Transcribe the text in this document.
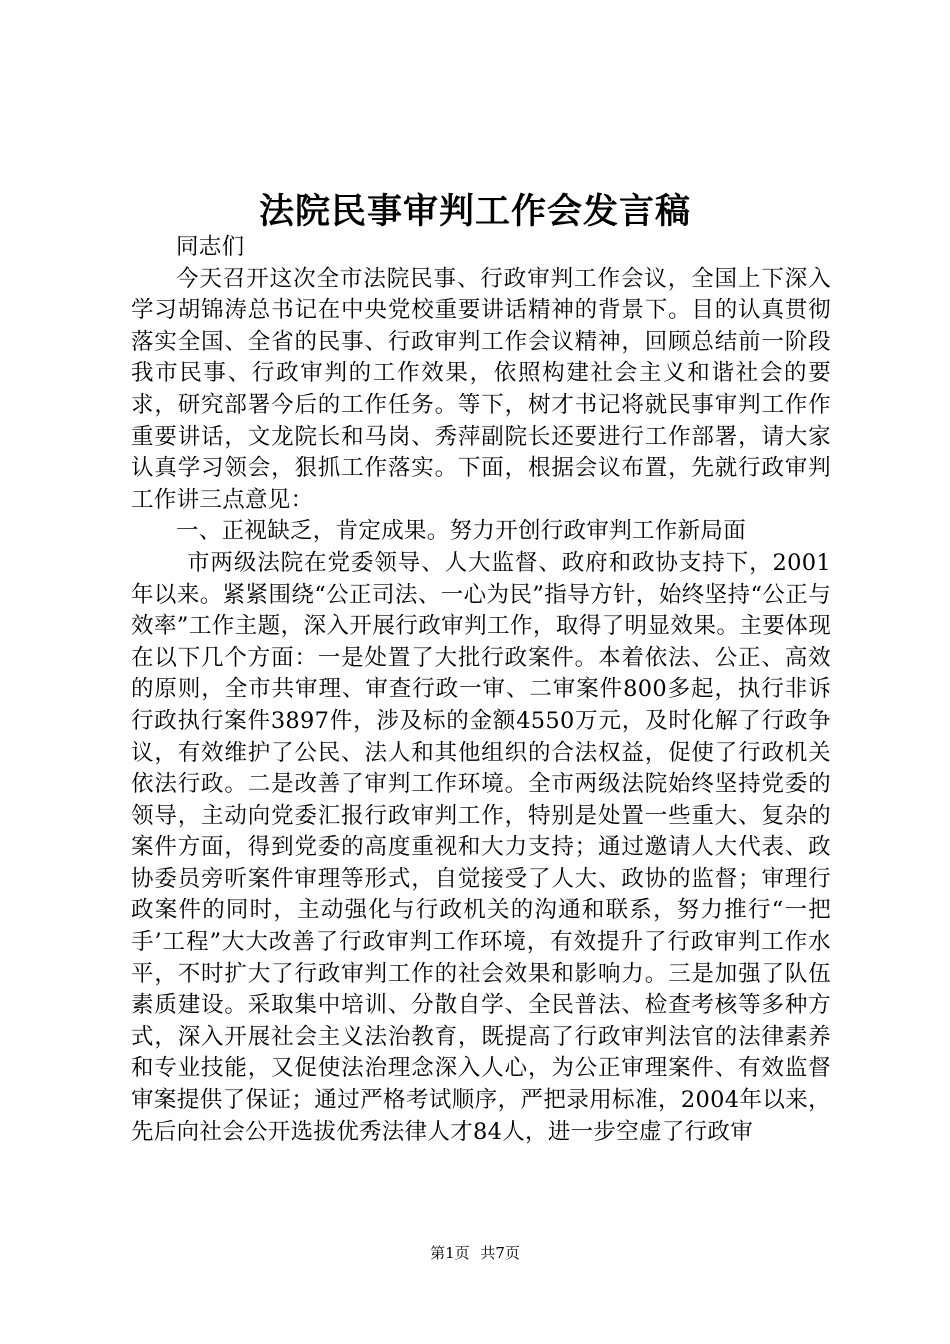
法院民事审判工作会发言稿

同志们

今天召开这次全市法院民事、行政审判工作会议，全国上下深入学习胡锦涛总书记在中央党校重要讲话精神的背景下。目的认真贯彻落实全国、全省的民事、行政审判工作会议精神，回顾总结前一阶段我市民事、行政审判的工作效果，依照构建社会主义和谐社会的要求，研究部署今后的工作任务。等下，树才书记将就民事审判工作作重要讲话，文龙院长和马岗、秀萍副院长还要进行工作部署，请大家认真学习领会，狠抓工作落实。下面，根据会议布置，先就行政审判工作讲三点意见：

一、正视缺乏，肯定成果。努力开创行政审判工作新局面

市两级法院在党委领导、人大监督、政府和政协支持下，2001年以来。紧紧围绕“公正司法、一心为民”指导方针，始终坚持“公正与效率”工作主题，深入开展行政审判工作，取得了明显效果。主要体现在以下几个方面：一是处置了大批行政案件。本着依法、公正、高效的原则，全市共审理、审查行政一审、二审案件800多起，执行非诉行政执行案件3897件，涉及标的金额4550万元，及时化解了行政争议，有效维护了公民、法人和其他组织的合法权益，促使了行政机关依法行政。二是改善了审判工作环境。全市两级法院始终坚持党委的领导，主动向党委汇报行政审判工作，特别是处置一些重大、复杂的案件方面，得到党委的高度重视和大力支持；通过邀请人大代表、政协委员旁听案件审理等形式，自觉接受了人大、政协的监督；审理行政案件的同时，主动强化与行政机关的沟通和联系，努力推行“一把手’工程”大大改善了行政审判工作环境，有效提升了行政审判工作水平，不时扩大了行政审判工作的社会效果和影响力。三是加强了队伍素质建设。采取集中培训、分散自学、全民普法、检查考核等多种方式，深入开展社会主义法治教育，既提高了行政审判法官的法律素养和专业技能，又促使法治理念深入人心，为公正审理案件、有效监督审案提供了保证；通过严格考试顺序，严把录用标准，2004年以来，先后向社会公开选拔优秀法律人才84人，进一步空虚了行政审

第1页 共7页
